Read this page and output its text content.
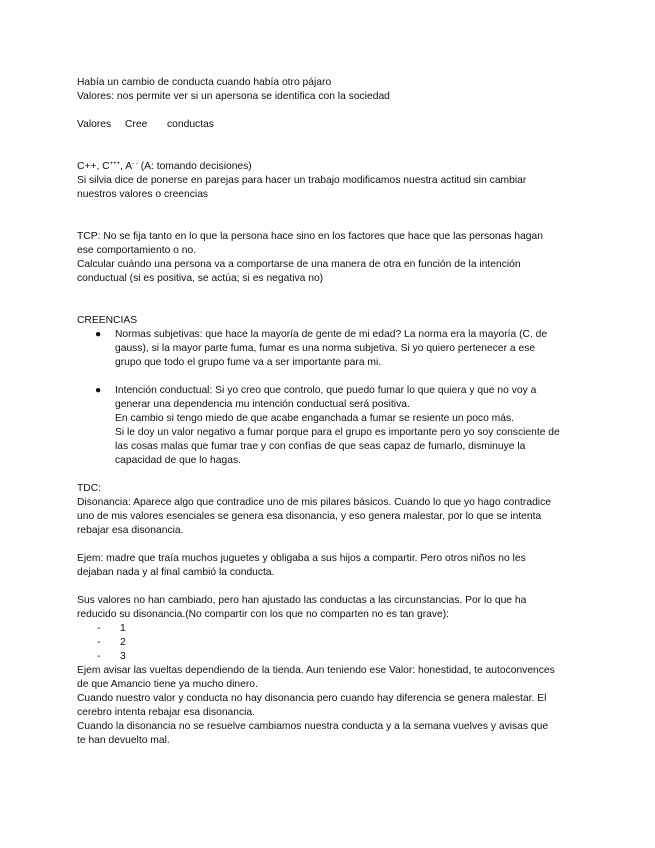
Había un cambio de conducta cuando había otro pájaro

Valores: nos permite ver si un apersona se identifica con la sociedad

Valores Cree conductas

C++, C+++, A- - (A: tomando decisiones)

Si silvia dice de ponerse en parejas para hacer un trabajo modificamos nuestra actitud sin cambiar

nuestros valores o creencias

TCP: No se fija tanto en lo que la persona hace sino en los factores que hace que las personas hagan

ese comportamiento o no.

Calcular cuándo una persona va a comportarse de una manera de otra en función de la intención

conductual (si es positiva, se actúa; si es negativa no)

CREENCIAS

● Normas subjetivas: que hace la mayoría de gente de mi edad? La norma era la mayoría (C. de
gauss), si la mayor parte fuma, fumar es una norma subjetiva. Si yo quiero pertenecer a ese
grupo que todo el grupo fume va a ser importante para mi.
● Intención conductual: Si yo creo que controlo, que puedo fumar lo que quiera y que no voy a
generar una dependencia mu intención conductual será positiva.
En cambio si tengo miedo de que acabe enganchada a fumar se resiente un poco más.
Si le doy un valor negativo a fumar porque para el grupo es importante pero yo soy consciente de
las cosas malas que fumar trae y con confías de que seas capaz de fumarlo, disminuye la
capacidad de que lo hagas.

TDC:

Disonancia: Aparece algo que contradice uno de mis pilares básicos. Cuando lo que yo hago contradice

uno de mis valores esenciales se genera esa disonancia, y eso genera malestar, por lo que se intenta

rebajar esa disonancia.

Ejem: madre que traía muchos juguetes y obligaba a sus hijos a compartir. Pero otros niños no les

dejaban nada y al final cambió la conducta.

Sus valores no han cambiado, pero han ajustado las conductas a las circunstancias. Por lo que ha

reducido su disonancia.(No compartir con los que no comparten no es tan grave):

- 1
- 2
- 3

Ejem avisar las vueltas dependiendo de la tienda. Aun teniendo ese Valor: honestidad, te autoconvences

de que Amancio tiene ya mucho dinero.

Cuando nuestro valor y conducta no hay disonancia pero cuando hay diferencia se genera malestar. El

cerebro intenta rebajar esa disonancia.

Cuando la disonancia no se resuelve cambiamos nuestra conducta y a la semana vuelves y avisas que

te han devuelto mal.
